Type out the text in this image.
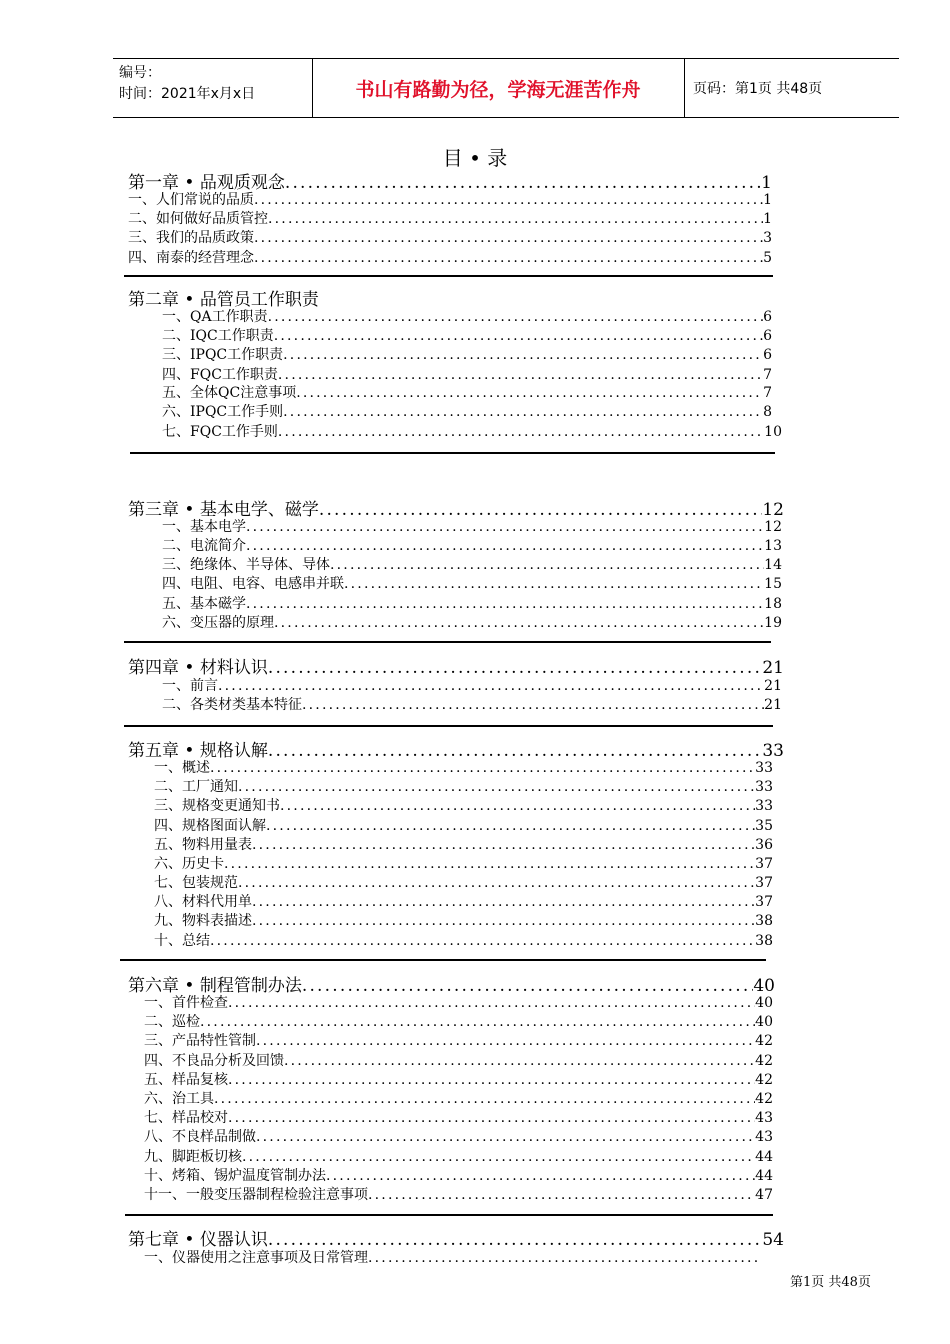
编号：
时间：2021年x月x日	书山有路勤为径，学海无涯苦作舟	页码：第1页 共48页
目 • 录
第一章 • 品观质观念 .....	1
一、人们常说的品质 .....	1
二、如何做好品质管控 .....	1
三、我们的品质政策 .....	3
四、南泰的经营理念 .....	5
第二章 • 品管员工作职责
一、QA工作职责 .....	6
二、IQC工作职责 .....	6
三、IPQC工作职责 .....	6
四、FQC工作职责 .....	7
五、全体QC注意事项 .....	7
六、IPQC工作手则 .....	8
七、FQC工作手则 .....	10
第三章 • 基本电学、磁学 .....	12
一、基本电学 .....	12
二、电流简介 .....	13
三、绝缘体、半导体、导体 .....	14
四、电阻、电容、电感串并联 .....	15
五、基本磁学 .....	18
六、变压器的原理 .....	19
第四章 • 材料认识 .....	21
一、前言 .....	21
二、各类材类基本特征 .....	21
第五章 • 规格认解 .....	33
一、概述 .....	33
二、工厂通知 .....	33
三、规格变更通知书 .....	33
四、规格图面认解 .....	35
五、物料用量表 .....	36
六、历史卡 .....	37
七、包装规范 .....	37
八、材料代用单 .....	37
九、物料表描述 .....	38
十、总结 .....	38
第六章 • 制程管制办法 .....	40
一、首件检查 .....	40
二、巡检 .....	40
三、产品特性管制 .....	42
四、不良品分析及回馈 .....	42
五、样品复核 .....	42
六、治工具 .....	42
七、样品校对 .....	43
八、不良样品制做 .....	43
九、脚距板切核 .....	44
十、烤箱、锡炉温度管制办法 .....	44
十一、一般变压器制程检验注意事项 .....	47
第七章 • 仪器认识 .....	54
一、仪器使用之注意事项及日常管理
.....
第1页 共48页
